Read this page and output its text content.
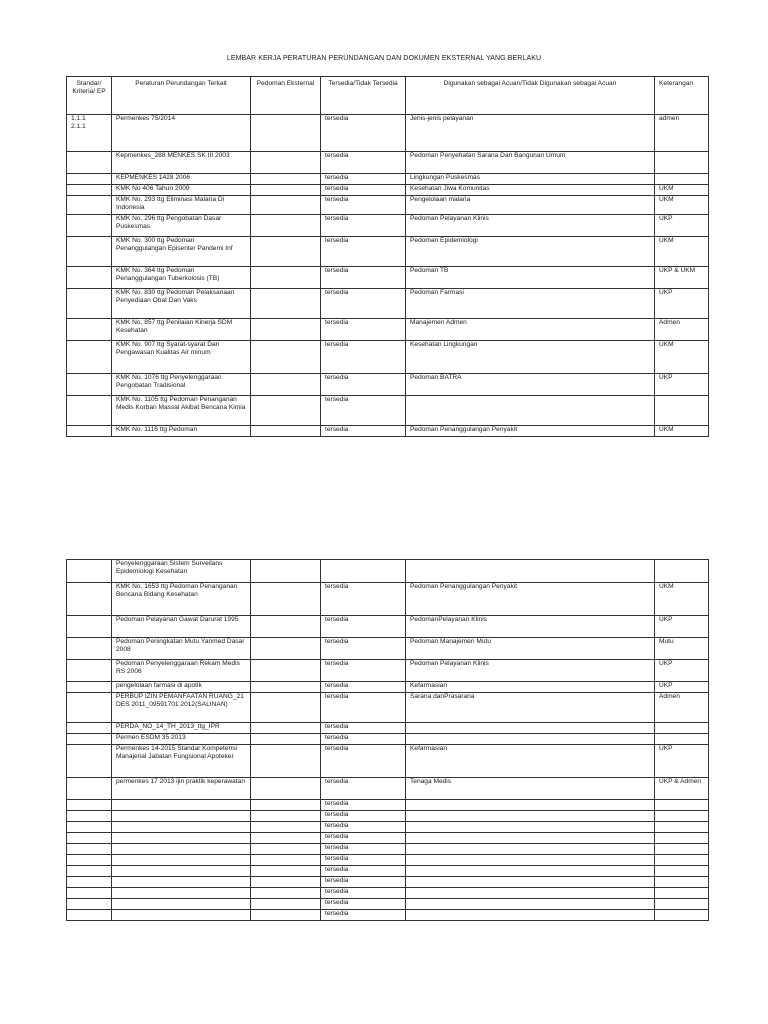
LEMBAR KERJA PERATURAN PERUNDANGAN DAN DOKUMEN EKSTERNAL YANG BERLAKU
Standar/ Kriteria/ EP	Peraturan Perundangan Terkait	Pedoman Eksternal	Tersedia/Tidak Tersedia	Digunakan sebagai Acuan/Tidak Digunakan sebagai Acuan	Keterangan
1.1.1
2.1.1	Permenkes 75/2014		tersedia	Jenis-jenis pelayanan	admen
	Kepmenkes_288 MENKES SK III 2003		tersedia	Pedoman Penyehatan Sarana Dan Bangunan Umum	
	KEPMENKES 1428 2006		tersedia	Lingkungan Puskesmas	
	KMK No 406 Tahun 2009		tersedia	Kesehatan Jiwa Komunitas	UKM
	KMK No. 293 ttg Eliminasi Malaria Di Indonesia		tersedia	Pengelolaan malaria	UKM
	KMK No. 296 ttg Pengobatan Dasar Puskesmas		tersedia	Pedoman Pelayanan Klinis	UKP
	KMK No. 300 ttg Pedoman Penanggulangan Episenter Pandemi Inf		tersedia	Pedoman Epidemiologi	UKM
	KMK No. 364 ttg Pedoman Penanggulangan Tuberkolosis (TB)		tersedia	Pedoman TB	UKP & UKM
	KMK No. 830 ttg Pedoman Pelaksanaan Penyediaan Obat Dan Vaks		tersedia	Pedoman Farmasi	UKP
	KMK No. 857 ttg Penilaian Kinerja SDM Kesehatan		tersedia	Manajemen Admen	Admen
	KMK No. 907 ttg Syarat-syarat Dan Pengawasan Kualitas Air minum		tersedia	Kesehatan Lingkungan	UKM
	KMK No. 1076 ttg Penyelenggaraan Pengobatan Tradisional		tersedia	Pedoman BATRA	UKP
	KMK No. 1105 ttg Pedoman Penanganan Medis Korban Massal Akibat Bencana Kimia		tersedia		
	KMK No. 1116 ttg Pedoman		tersedia	Pedoman Penanggulangan Penyakit	UKM
	Penyelenggaraan Sistem Surveilans Epidemiologi Kesehatan				
	KMK No. 1653 ttg Pedoman Penanganan Bencana Bidang Kesehatan		tersedia	Pedoman Penanggulangan Penyakit	UKM
	Pedoman Pelayanan Gawat Darurat 1995		tersedia	PedomanPelayanan Klinis	UKP
	Pedoman Peningkatan Mutu Yanmed Dasar 2008		tersedia	Pedoman Manajemen Mutu	Mutu
	Pedoman Penyelenggaraan Rekam Medis RS 2006		tersedia	Pedoman Pelayanan Klinis	UKP
	pengelolaan farmasi di apotik		tersedia	Kefarmasian	UKP
	PERBUP IZIN PEMANFAATAN RUANG_21 DES 2011_09591701 2012(SALINAN)		tersedia	Sarana danPrasarana	Admen
	PERDA_NO_14_TH_2013_ttg_IPR		tersedia		
	Permen ESDM 35 2013		tersedia		
	Permenkes 14-2015 Standar Kompetensi Manajerial Jabatan Fungsional Apoteker		tersedia	Kefarmasian	UKP
	permenkes 17 2013 ijin praktik keperawatan		tersedia	Tenaga Medis	UKP & Admen
			tersedia		
			tersedia		
			tersedia		
			tersedia		
			tersedia		
			tersedia		
			tersedia		
			tersedia		
			tersedia		
			tersedia		
			tersedia		
